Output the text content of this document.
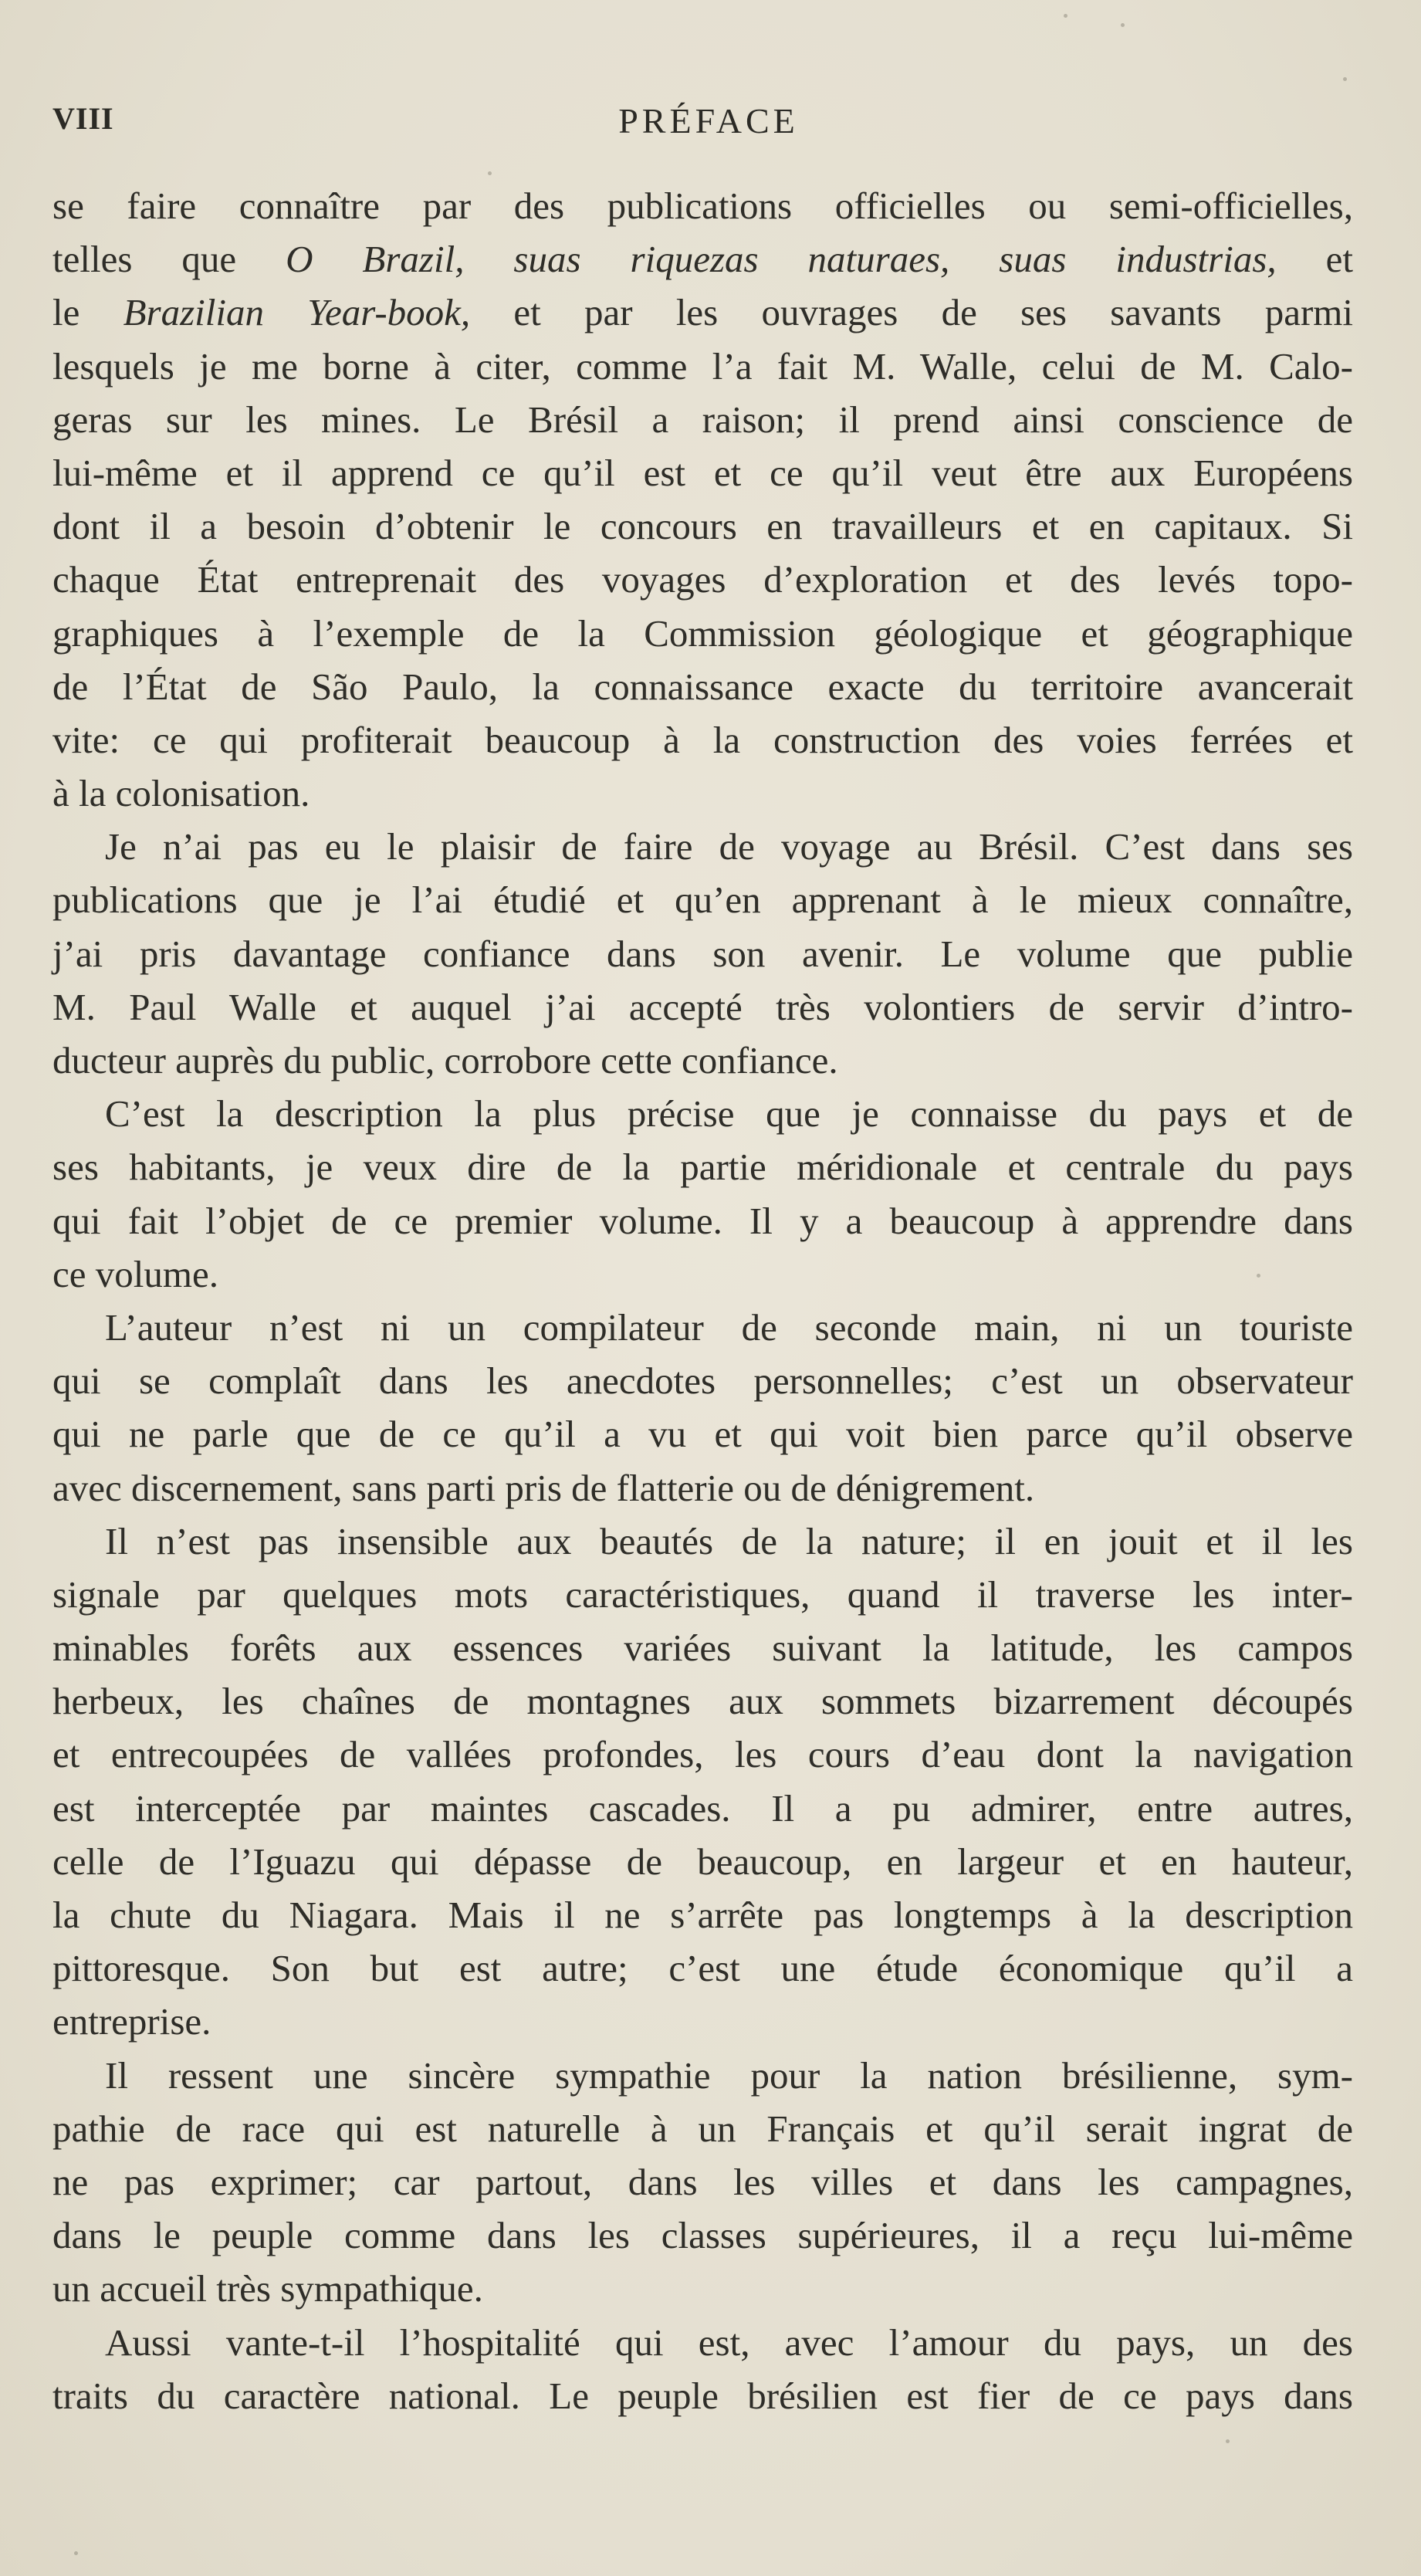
VIII	PRÉFACE
se faire connaître par des publications officielles ou semi-officielles,
telles que O Brazil, suas riquezas naturaes, suas industrias, et
le Brazilian Year-book, et par les ouvrages de ses savants parmi
lesquels je me borne à citer, comme l’a fait M. Walle, celui de M. Calo-
geras sur les mines. Le Brésil a raison; il prend ainsi conscience de
lui-même et il apprend ce qu’il est et ce qu’il veut être aux Européens
dont il a besoin d’obtenir le concours en travailleurs et en capitaux. Si
chaque État entreprenait des voyages d’exploration et des levés topo-
graphiques à l’exemple de la Commission géologique et géographique
de l’État de São Paulo, la connaissance exacte du territoire avancerait
vite: ce qui profiterait beaucoup à la construction des voies ferrées et
à la colonisation.
Je n’ai pas eu le plaisir de faire de voyage au Brésil. C’est dans ses
publications que je l’ai étudié et qu’en apprenant à le mieux connaître,
j’ai pris davantage confiance dans son avenir. Le volume que publie
M. Paul Walle et auquel j’ai accepté très volontiers de servir d’intro-
ducteur auprès du public, corrobore cette confiance.
C’est la description la plus précise que je connaisse du pays et de
ses habitants, je veux dire de la partie méridionale et centrale du pays
qui fait l’objet de ce premier volume. Il y a beaucoup à apprendre dans
ce volume.
L’auteur n’est ni un compilateur de seconde main, ni un touriste
qui se complaît dans les anecdotes personnelles; c’est un observateur
qui ne parle que de ce qu’il a vu et qui voit bien parce qu’il observe
avec discernement, sans parti pris de flatterie ou de dénigrement.
Il n’est pas insensible aux beautés de la nature; il en jouit et il les
signale par quelques mots caractéristiques, quand il traverse les inter-
minables forêts aux essences variées suivant la latitude, les campos
herbeux, les chaînes de montagnes aux sommets bizarrement découpés
et entrecoupées de vallées profondes, les cours d’eau dont la navigation
est interceptée par maintes cascades. Il a pu admirer, entre autres,
celle de l’Iguazu qui dépasse de beaucoup, en largeur et en hauteur,
la chute du Niagara. Mais il ne s’arrête pas longtemps à la description
pittoresque. Son but est autre; c’est une étude économique qu’il a
entreprise.
Il ressent une sincère sympathie pour la nation brésilienne, sym-
pathie de race qui est naturelle à un Français et qu’il serait ingrat de
ne pas exprimer; car partout, dans les villes et dans les campagnes,
dans le peuple comme dans les classes supérieures, il a reçu lui-même
un accueil très sympathique.
Aussi vante-t-il l’hospitalité qui est, avec l’amour du pays, un des
traits du caractère national. Le peuple brésilien est fier de ce pays dans
